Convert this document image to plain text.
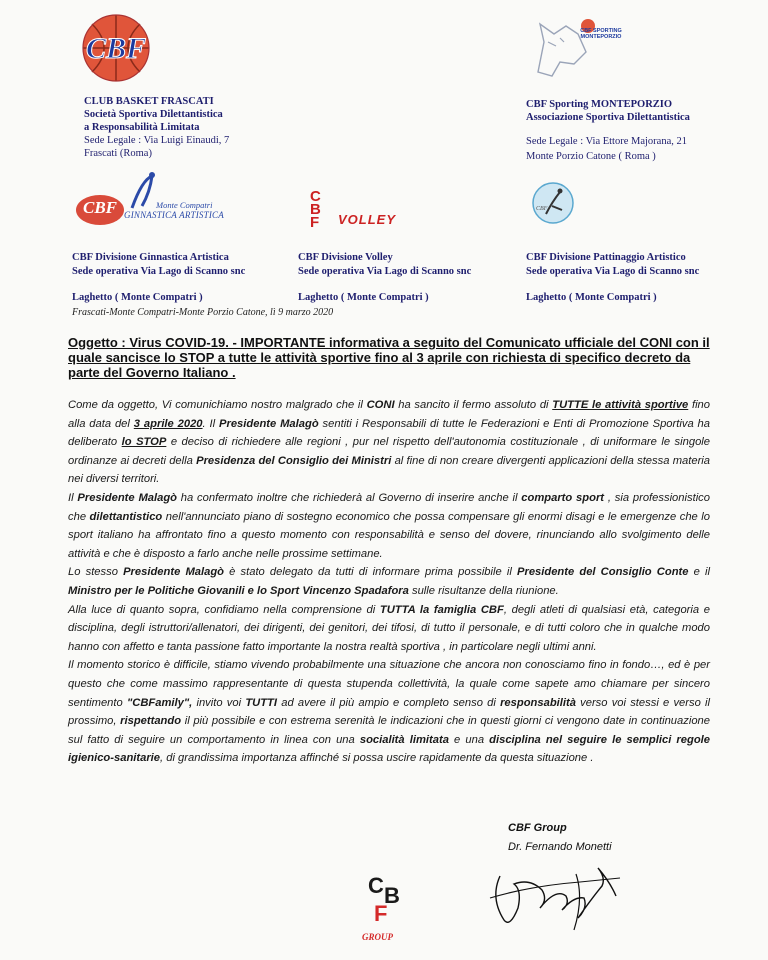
CBF
CLUB BASKET FRASCATI
Società Sportiva Dilettantistica
a Responsabilità Limitata
Sede Legale : Via Luigi Einaudi, 7
Frascati (Roma)
CBF SPORTING MONTEPORZIO
CBF Sporting MONTEPORZIO
Associazione Sportiva Dilettantistica
Sede Legale : Via Ettore Majorana, 21
Monte Porzio Catone ( Roma )
CBF	Monte Compatri
GINNASTICA ARTISTICA
CBF Divisione Ginnastica Artistica
Sede operativa Via Lago di Scanno snc
Laghetto ( Monte Compatri )
CBF	VOLLEY
CBF Divisione Volley
Sede operativa Via Lago di Scanno snc
Laghetto ( Monte Compatri )
CBF
CBF Divisione Pattinaggio Artistico
Sede operativa Via Lago di Scanno snc
Laghetto ( Monte Compatri )
Frascati-Monte Compatri-Monte Porzio Catone, lì 9 marzo 2020
Oggetto : Virus COVID-19. - IMPORTANTE informativa a seguito del Comunicato ufficiale del CONI con il
quale sancisce lo STOP a tutte le attività sportive fino al 3 aprile con richiesta di specifico decreto da
parte del Governo Italiano .

Come da oggetto, Vi comunichiamo nostro malgrado che il CONI ha sancito il fermo assoluto di TUTTE le attività sportive fino alla data del 3 aprile 2020. Il Presidente Malagò sentiti i Responsabili di tutte le Federazioni e Enti di Promozione Sportiva ha deliberato lo STOP e deciso di richiedere alle regioni , pur nel rispetto dell'autonomia costituzionale , di uniformare le singole ordinanze ai decreti della Presidenza del Consiglio dei Ministri al fine di non creare divergenti applicazioni della stessa materia nei diversi territori.

Il Presidente Malagò ha confermato inoltre che richiederà al Governo di inserire anche il comparto sport , sia professionistico che dilettantistico nell'annunciato piano di sostegno economico che possa compensare gli enormi disagi e le emergenze che lo sport italiano ha affrontato fino a questo momento con responsabilità e senso del dovere, rinunciando allo svolgimento delle attività e che è disposto a farlo anche nelle prossime settimane.

Lo stesso Presidente Malagò è stato delegato da tutti di informare prima possibile il Presidente del Consiglio Conte e il Ministro per le Politiche Giovanili e lo Sport Vincenzo Spadafora sulle risultanze della riunione.

Alla luce di quanto sopra, confidiamo nella comprensione di TUTTA la famiglia CBF, degli atleti di qualsiasi età, categoria e disciplina, degli istruttori/allenatori, dei dirigenti, dei genitori, dei tifosi, di tutto il personale, e di tutti coloro che in qualche modo hanno con affetto e tanta passione fatto importante la nostra realtà sportiva , in particolare negli ultimi anni.

Il momento storico è difficile, stiamo vivendo probabilmente una situazione che ancora non conosciamo fino in fondo…, ed è per questo che come massimo rappresentante di questa stupenda collettività, la quale come sapete amo chiamare per sincero sentimento "CBFamily", invito voi TUTTI ad avere il più ampio e completo senso di responsabilità verso voi stessi e verso il prossimo, rispettando il più possibile e con estrema serenità le indicazioni che in questi giorni ci vengono date in continuazione sul fatto di seguire un comportamento in linea con una socialità limitata e una disciplina nel seguire le semplici regole igienico-sanitarie, di grandissima importanza affinché si possa uscire rapidamente da questa situazione .

CBF Group
Dr. Fernando Monetti
C B
F
GROUP
